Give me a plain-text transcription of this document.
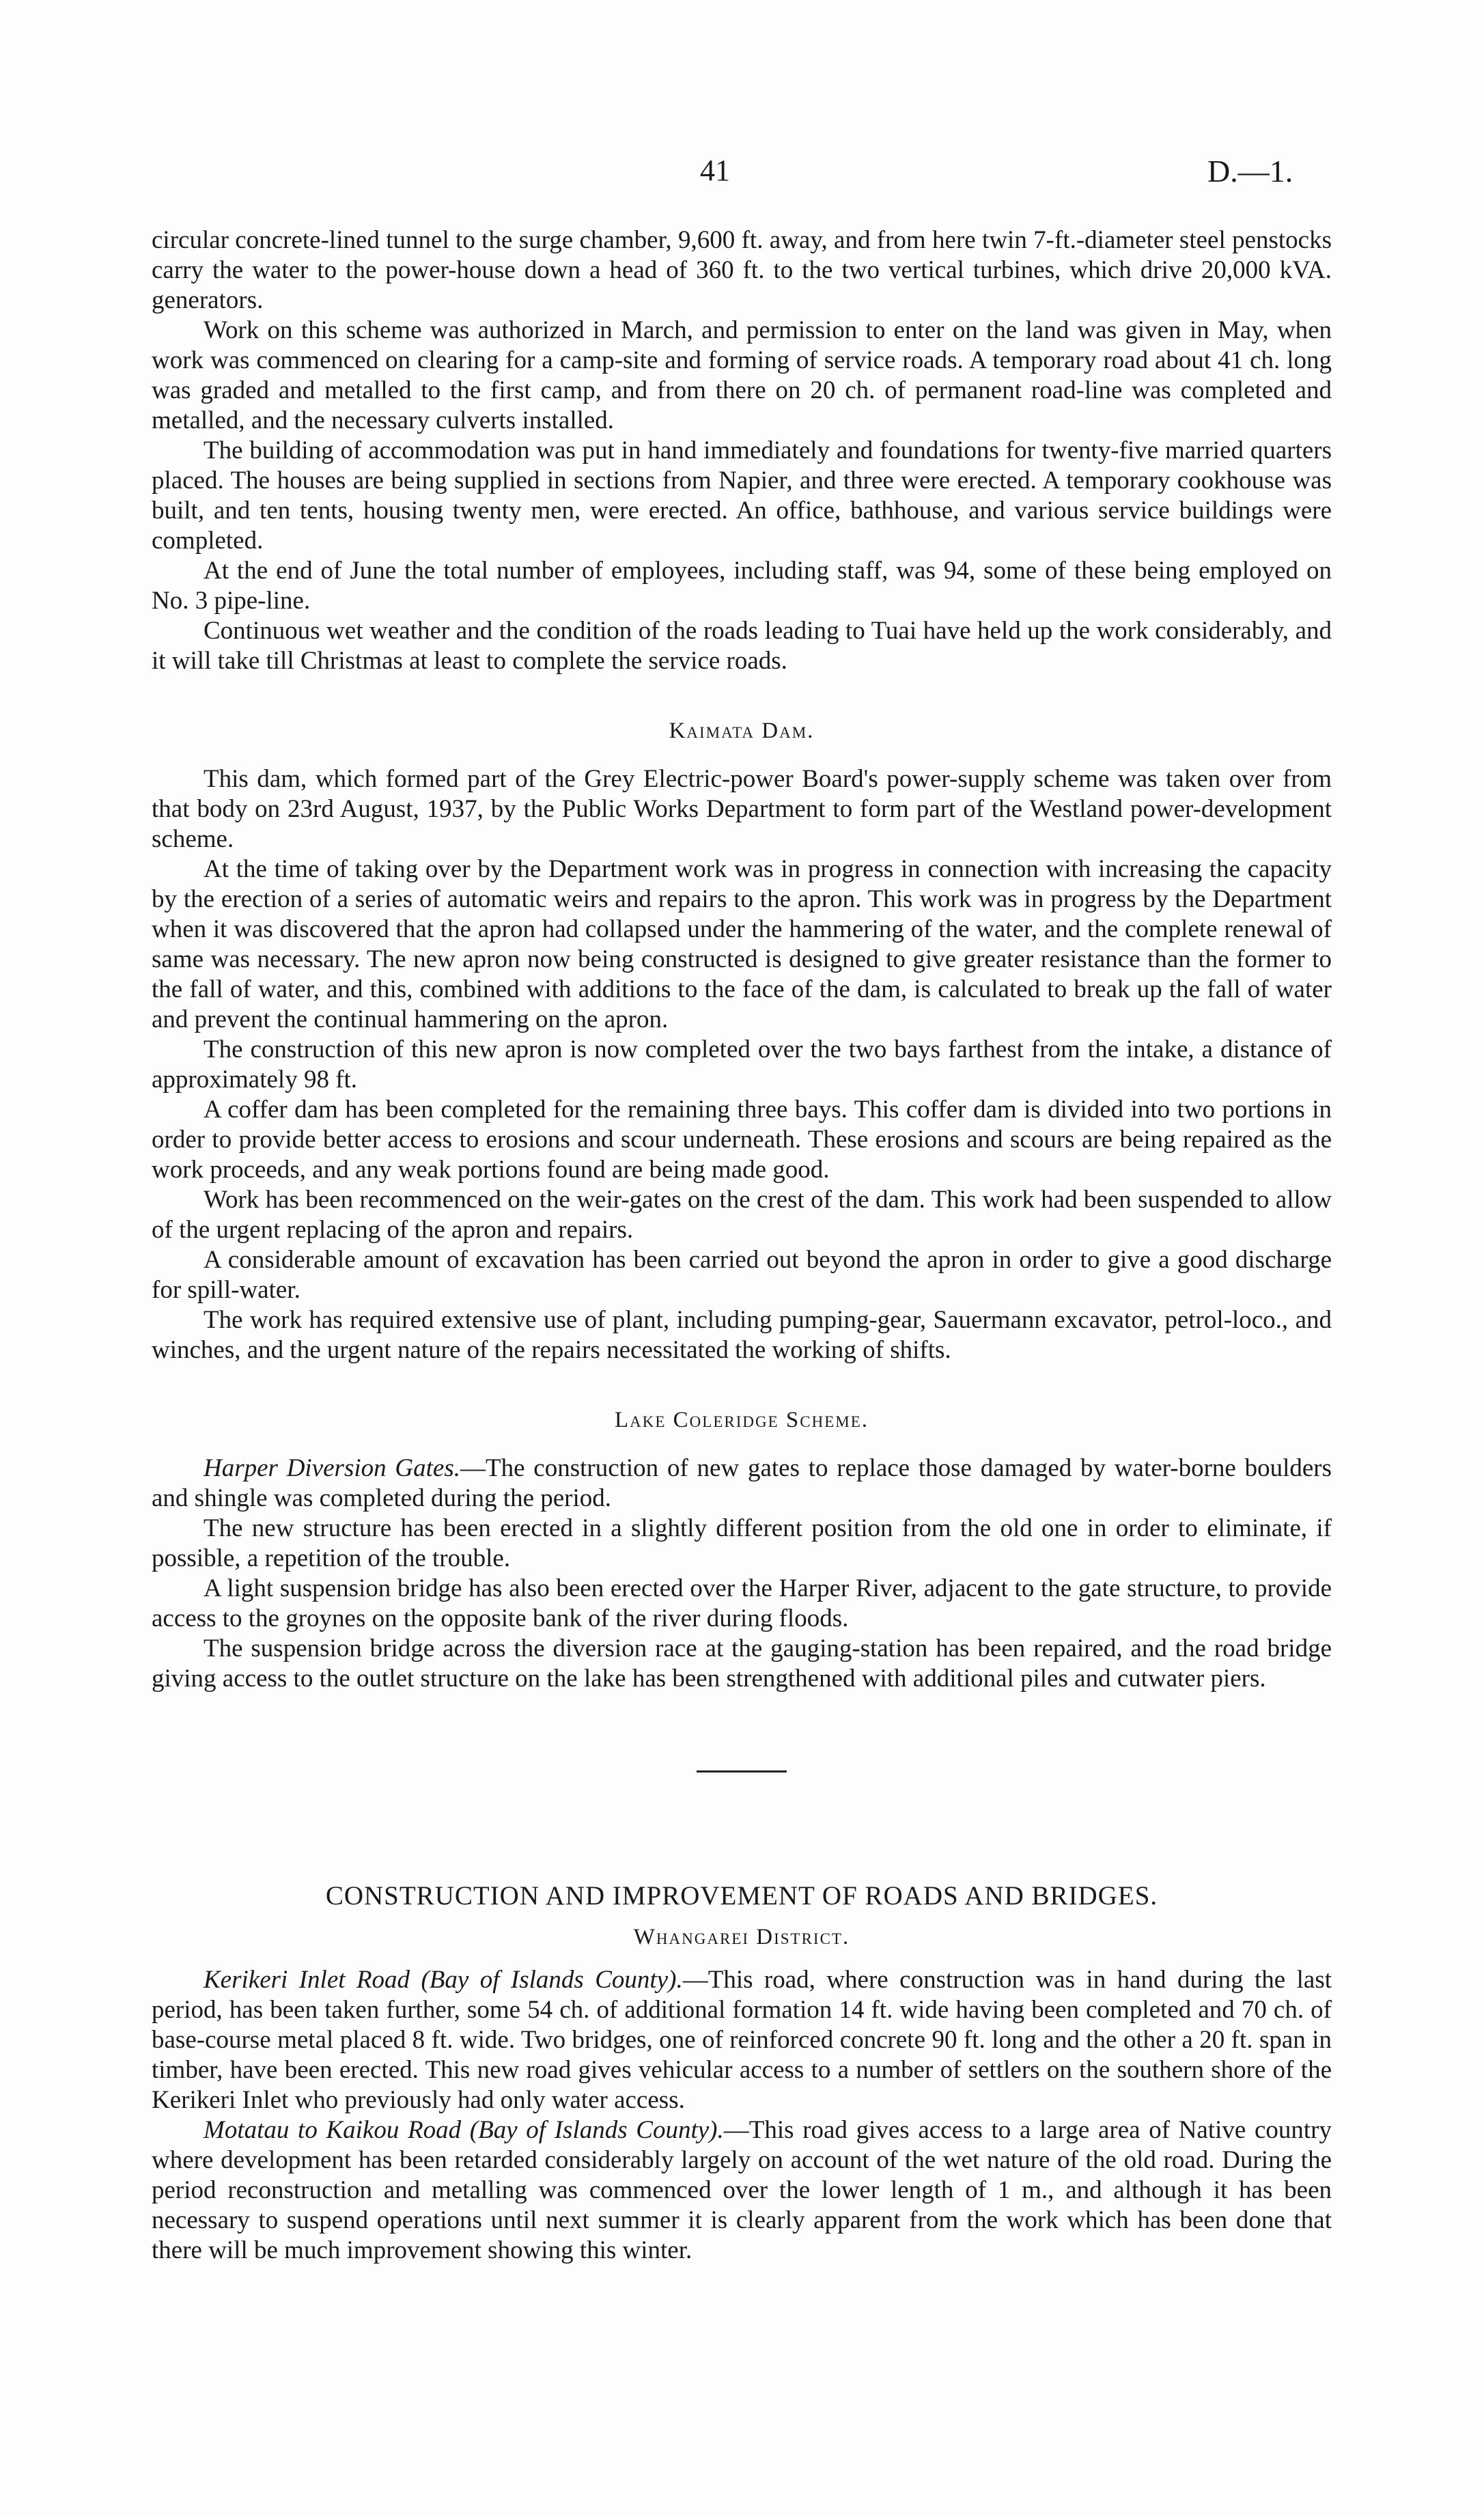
41	D.—1.

circular concrete-lined tunnel to the surge chamber, 9,600 ft. away, and from here twin 7-ft.-diameter steel penstocks carry the water to the power-house down a head of 360 ft. to the two vertical turbines, which drive 20,000 kVA. generators.

Work on this scheme was authorized in March, and permission to enter on the land was given in May, when work was commenced on clearing for a camp-site and forming of service roads. A temporary road about 41 ch. long was graded and metalled to the first camp, and from there on 20 ch. of permanent road-line was completed and metalled, and the necessary culverts installed.

The building of accommodation was put in hand immediately and foundations for twenty-five married quarters placed. The houses are being supplied in sections from Napier, and three were erected. A temporary cookhouse was built, and ten tents, housing twenty men, were erected. An office, bathhouse, and various service buildings were completed.

At the end of June the total number of employees, including staff, was 94, some of these being employed on No. 3 pipe-line.

Continuous wet weather and the condition of the roads leading to Tuai have held up the work considerably, and it will take till Christmas at least to complete the service roads.

Kaimata Dam.

This dam, which formed part of the Grey Electric-power Board's power-supply scheme was taken over from that body on 23rd August, 1937, by the Public Works Department to form part of the Westland power-development scheme.

At the time of taking over by the Department work was in progress in connection with increasing the capacity by the erection of a series of automatic weirs and repairs to the apron. This work was in progress by the Department when it was discovered that the apron had collapsed under the hammering of the water, and the complete renewal of same was necessary. The new apron now being constructed is designed to give greater resistance than the former to the fall of water, and this, combined with additions to the face of the dam, is calculated to break up the fall of water and prevent the continual hammering on the apron.

The construction of this new apron is now completed over the two bays farthest from the intake, a distance of approximately 98 ft.

A coffer dam has been completed for the remaining three bays. This coffer dam is divided into two portions in order to provide better access to erosions and scour underneath. These erosions and scours are being repaired as the work proceeds, and any weak portions found are being made good.

Work has been recommenced on the weir-gates on the crest of the dam. This work had been suspended to allow of the urgent replacing of the apron and repairs.

A considerable amount of excavation has been carried out beyond the apron in order to give a good discharge for spill-water.

The work has required extensive use of plant, including pumping-gear, Sauermann excavator, petrol-loco., and winches, and the urgent nature of the repairs necessitated the working of shifts.

Lake Coleridge Scheme.

Harper Diversion Gates.—The construction of new gates to replace those damaged by water-borne boulders and shingle was completed during the period.

The new structure has been erected in a slightly different position from the old one in order to eliminate, if possible, a repetition of the trouble.

A light suspension bridge has also been erected over the Harper River, adjacent to the gate structure, to provide access to the groynes on the opposite bank of the river during floods.

The suspension bridge across the diversion race at the gauging-station has been repaired, and the road bridge giving access to the outlet structure on the lake has been strengthened with additional piles and cutwater piers.

CONSTRUCTION AND IMPROVEMENT OF ROADS AND BRIDGES.
Whangarei District.

Kerikeri Inlet Road (Bay of Islands County).—This road, where construction was in hand during the last period, has been taken further, some 54 ch. of additional formation 14 ft. wide having been completed and 70 ch. of base-course metal placed 8 ft. wide. Two bridges, one of reinforced concrete 90 ft. long and the other a 20 ft. span in timber, have been erected. This new road gives vehicular access to a number of settlers on the southern shore of the Kerikeri Inlet who previously had only water access.

Motatau to Kaikou Road (Bay of Islands County).—This road gives access to a large area of Native country where development has been retarded considerably largely on account of the wet nature of the old road. During the period reconstruction and metalling was commenced over the lower length of 1 m., and although it has been necessary to suspend operations until next summer it is clearly apparent from the work which has been done that there will be much improvement showing this winter.
